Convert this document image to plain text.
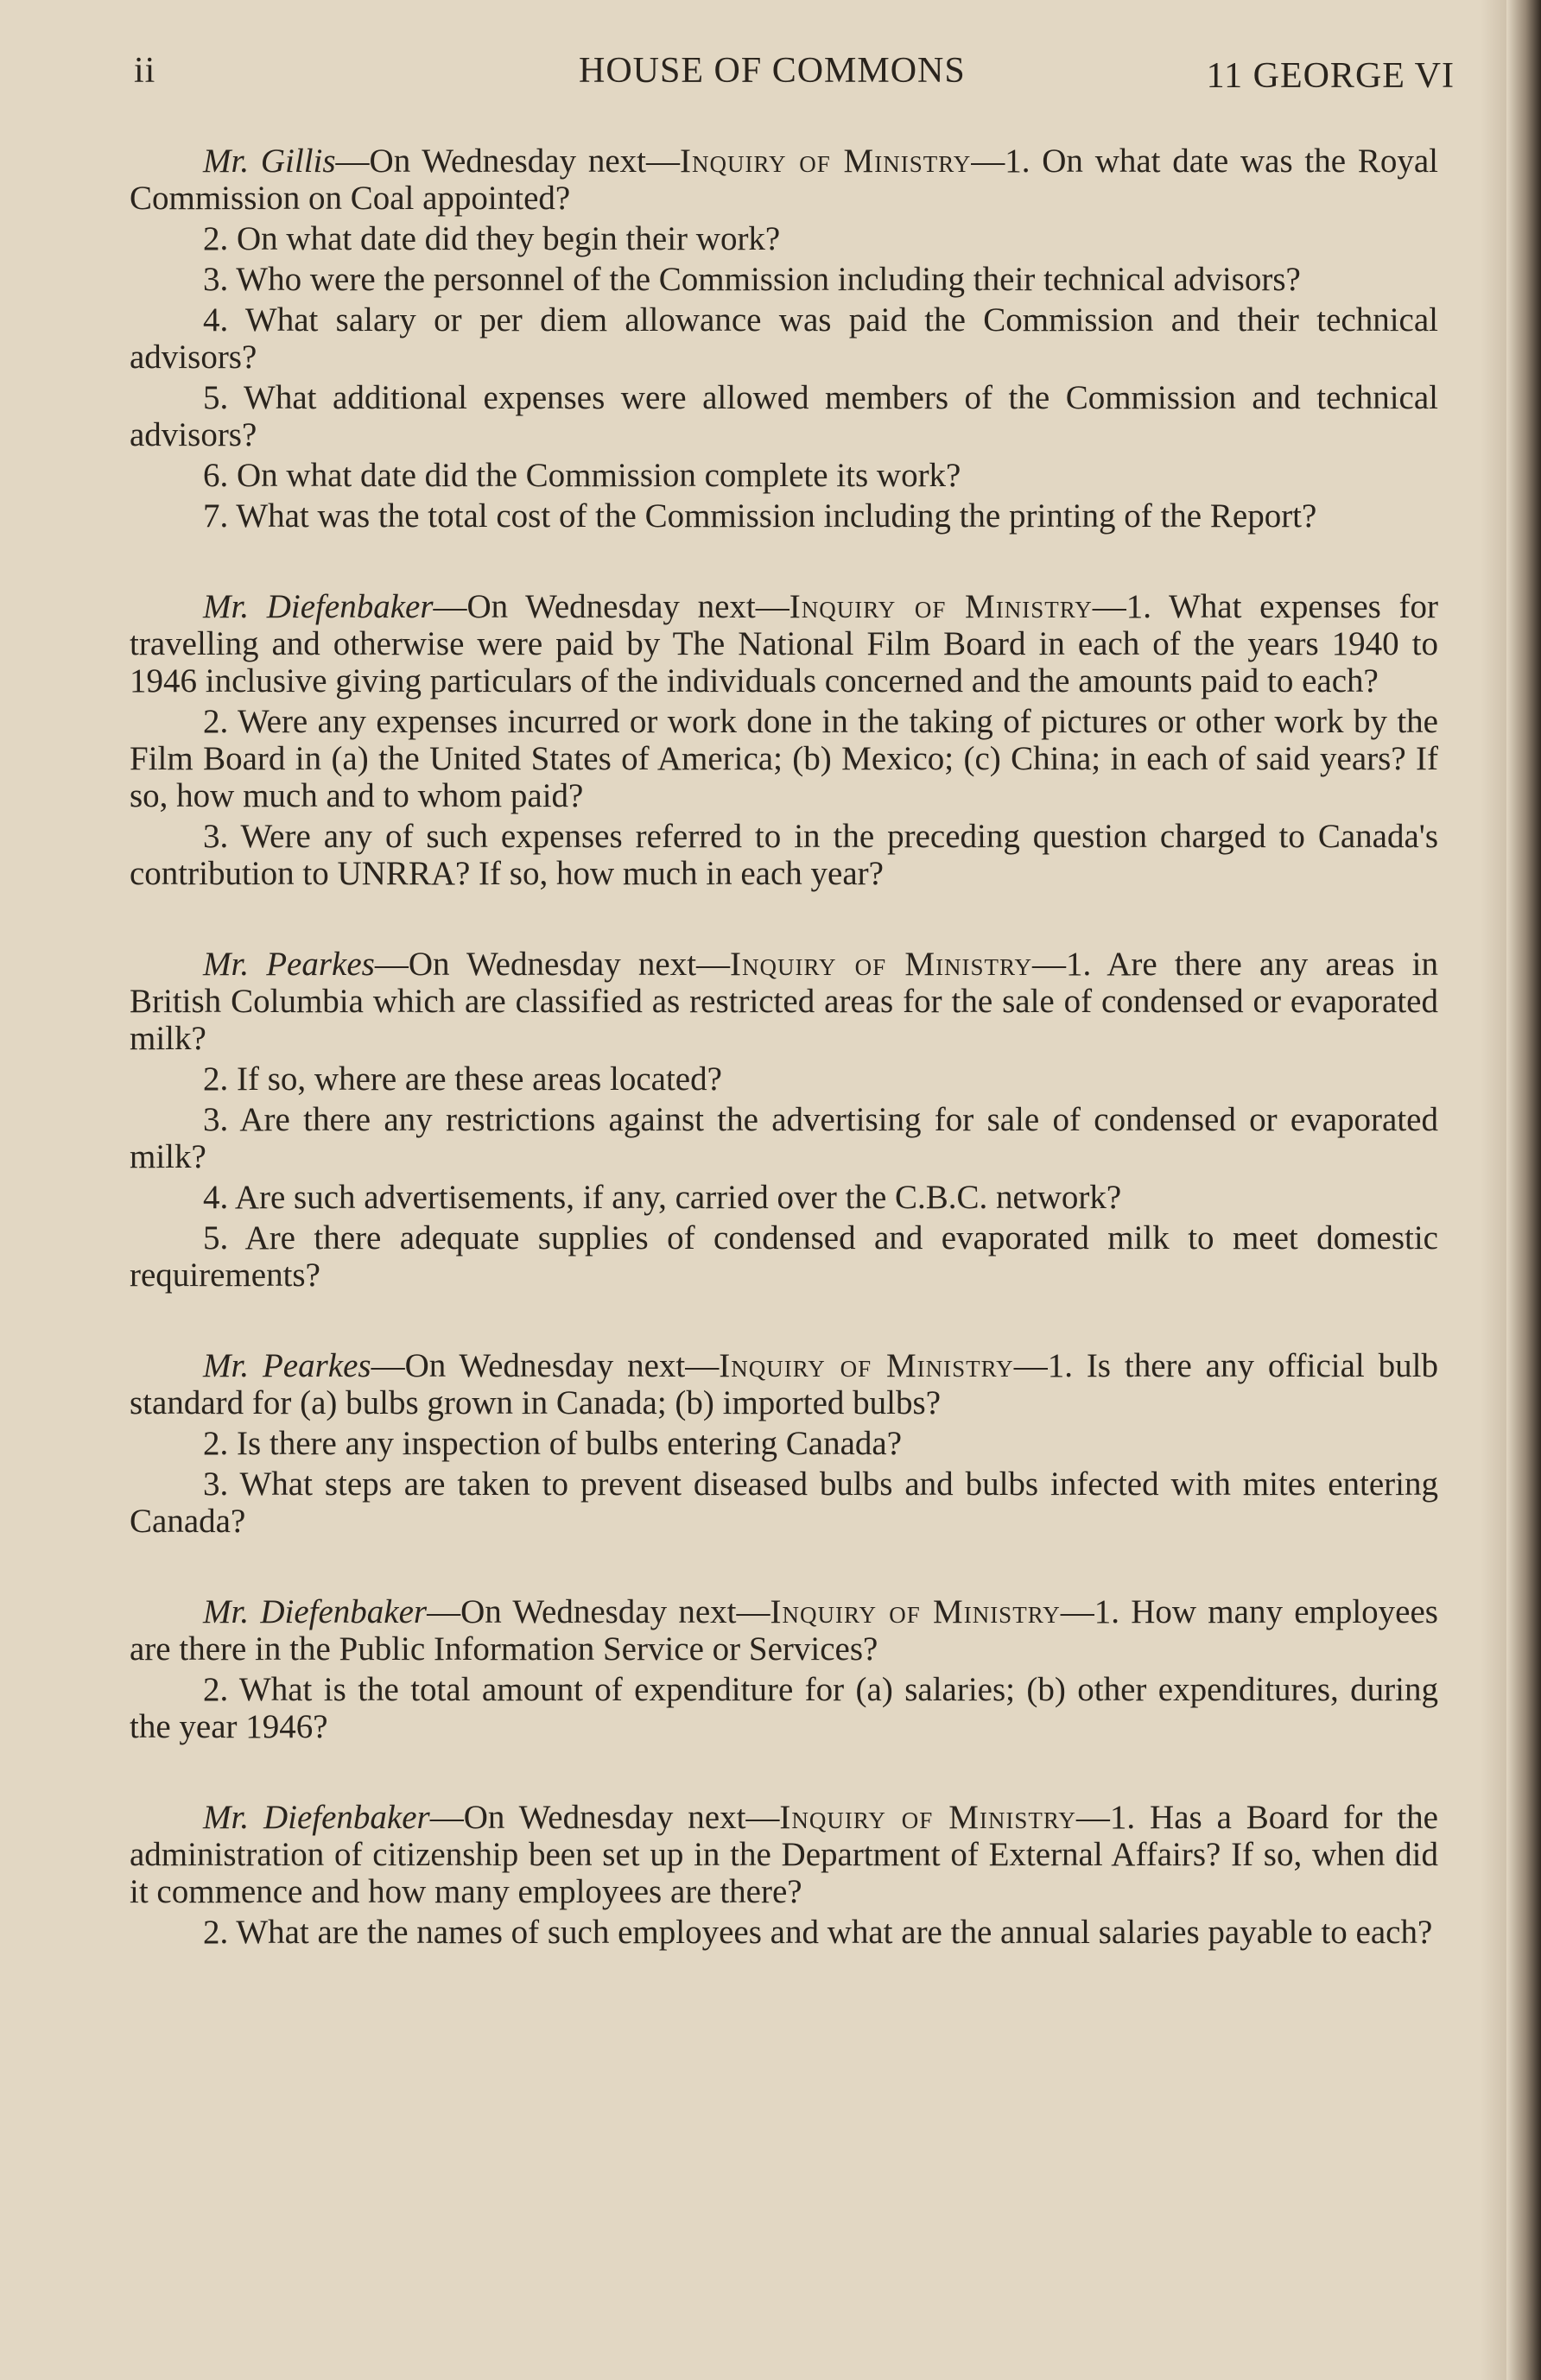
ii	HOUSE OF COMMONS	11 GEORGE VI

Mr. Gillis—On Wednesday next—Inquiry of Ministry—1. On what date was the Royal Commission on Coal appointed?

2. On what date did they begin their work?

3. Who were the personnel of the Commission including their technical advisors?

4. What salary or per diem allowance was paid the Commission and their technical advisors?

5. What additional expenses were allowed members of the Commission and technical advisors?

6. On what date did the Commission complete its work?

7. What was the total cost of the Commission including the printing of the Report?

Mr. Diefenbaker—On Wednesday next—Inquiry of Ministry—1. What expenses for travelling and otherwise were paid by The National Film Board in each of the years 1940 to 1946 inclusive giving particulars of the individuals concerned and the amounts paid to each?

2. Were any expenses incurred or work done in the taking of pictures or other work by the Film Board in (a) the United States of America; (b) Mexico; (c) China; in each of said years? If so, how much and to whom paid?

3. Were any of such expenses referred to in the preceding question charged to Canada's contribution to UNRRA? If so, how much in each year?

Mr. Pearkes—On Wednesday next—Inquiry of Ministry—1. Are there any areas in British Columbia which are classified as restricted areas for the sale of condensed or evaporated milk?

2. If so, where are these areas located?

3. Are there any restrictions against the advertising for sale of condensed or evaporated milk?

4. Are such advertisements, if any, carried over the C.B.C. network?

5. Are there adequate supplies of condensed and evaporated milk to meet domestic requirements?

Mr. Pearkes—On Wednesday next—Inquiry of Ministry—1. Is there any official bulb standard for (a) bulbs grown in Canada; (b) imported bulbs?

2. Is there any inspection of bulbs entering Canada?

3. What steps are taken to prevent diseased bulbs and bulbs infected with mites entering Canada?

Mr. Diefenbaker—On Wednesday next—Inquiry of Ministry—1. How many employees are there in the Public Information Service or Services?

2. What is the total amount of expenditure for (a) salaries; (b) other expenditures, during the year 1946?

Mr. Diefenbaker—On Wednesday next—Inquiry of Ministry—1. Has a Board for the administration of citizenship been set up in the Department of External Affairs? If so, when did it commence and how many employees are there?

2. What are the names of such employees and what are the annual salaries payable to each?
